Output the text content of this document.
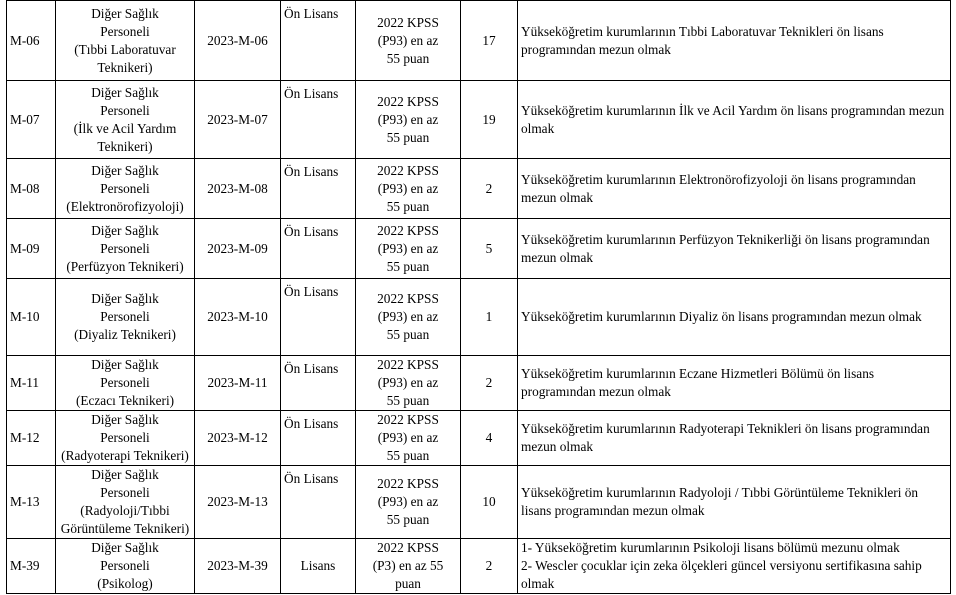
M-06	Diğer Sağlık
Personeli
(Tıbbi Laboratuvar
Teknikeri)	2023-M-06	Ön Lisans	2022 KPSS
(P93) en az
55 puan	17	Yükseköğretim kurumlarının Tıbbi Laboratuvar Teknikleri ön lisans programından mezun olmak
M-07	Diğer Sağlık
Personeli
(İlk ve Acil Yardım
Teknikeri)	2023-M-07	Ön Lisans	2022 KPSS
(P93) en az
55 puan	19	Yükseköğretim kurumlarının İlk ve Acil Yardım ön lisans programından mezun olmak
M-08	Diğer Sağlık
Personeli
(Elektronörofizyoloji)	2023-M-08	Ön Lisans	2022 KPSS
(P93) en az
55 puan	2	Yükseköğretim kurumlarının Elektronörofizyoloji ön lisans programından mezun olmak
M-09	Diğer Sağlık
Personeli
(Perfüzyon Teknikeri)	2023-M-09	Ön Lisans	2022 KPSS
(P93) en az
55 puan	5	Yükseköğretim kurumlarının Perfüzyon Teknikerliği ön lisans programından mezun olmak
M-10	Diğer Sağlık
Personeli
(Diyaliz Teknikeri)	2023-M-10	Ön Lisans	2022 KPSS
(P93) en az
55 puan	1	Yükseköğretim kurumlarının Diyaliz ön lisans programından mezun olmak
M-11	Diğer Sağlık
Personeli
(Eczacı Teknikeri)	2023-M-11	Ön Lisans	2022 KPSS
(P93) en az
55 puan	2	Yükseköğretim kurumlarının Eczane Hizmetleri Bölümü ön lisans programından mezun olmak
M-12	Diğer Sağlık
Personeli
(Radyoterapi Teknikeri)	2023-M-12	Ön Lisans	2022 KPSS
(P93) en az
55 puan	4	Yükseköğretim kurumlarının Radyoterapi Teknikleri ön lisans programından mezun olmak
M-13	Diğer Sağlık
Personeli
(Radyoloji/Tıbbi
Görüntüleme Teknikeri)	2023-M-13	Ön Lisans	2022 KPSS
(P93) en az
55 puan	10	Yükseköğretim kurumlarının Radyoloji / Tıbbi Görüntüleme Teknikleri ön lisans programından mezun olmak
M-39	Diğer Sağlık
Personeli
(Psikolog)	2023-M-39	Lisans	2022 KPSS
(P3) en az 55
puan	2	1- Yükseköğretim kurumlarının Psikoloji lisans bölümü mezunu olmak
2- Wescler çocuklar için zeka ölçekleri güncel versiyonu sertifikasına sahip olmak
